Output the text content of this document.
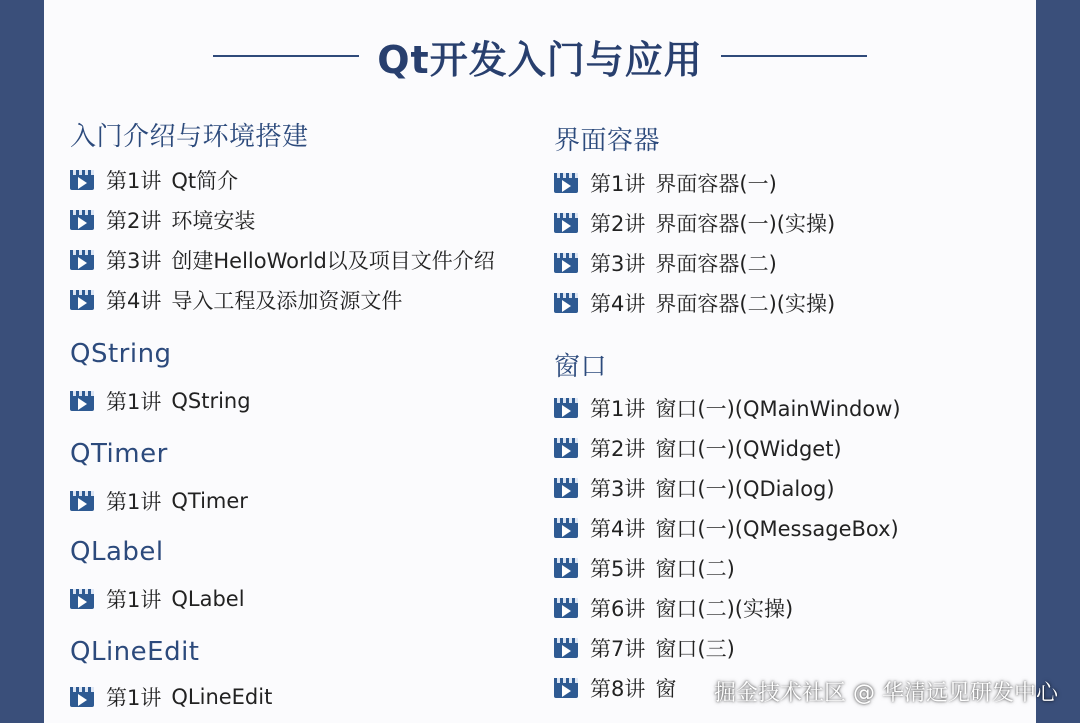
Qt开发入门与应用
入门介绍与环境搭建
第1讲 Qt简介
第2讲 环境安装
第3讲 创建HelloWorld以及项目文件介绍
第4讲 导入工程及添加资源文件
QString
第1讲 QString
QTimer
第1讲 QTimer
QLabel
第1讲 QLabel
QLineEdit
第1讲 QLineEdit
界面容器
第1讲 界面容器(一)
第2讲 界面容器(一)(实操)
第3讲 界面容器(二)
第4讲 界面容器(二)(实操)
窗口
第1讲 窗口(一)(QMainWindow)
第2讲 窗口(一)(QWidget)
第3讲 窗口(一)(QDialog)
第4讲 窗口(一)(QMessageBox)
第5讲 窗口(二)
第6讲 窗口(二)(实操)
第7讲 窗口(三)
第8讲 窗 掘金技术社区 @ 华清远见研发中心
